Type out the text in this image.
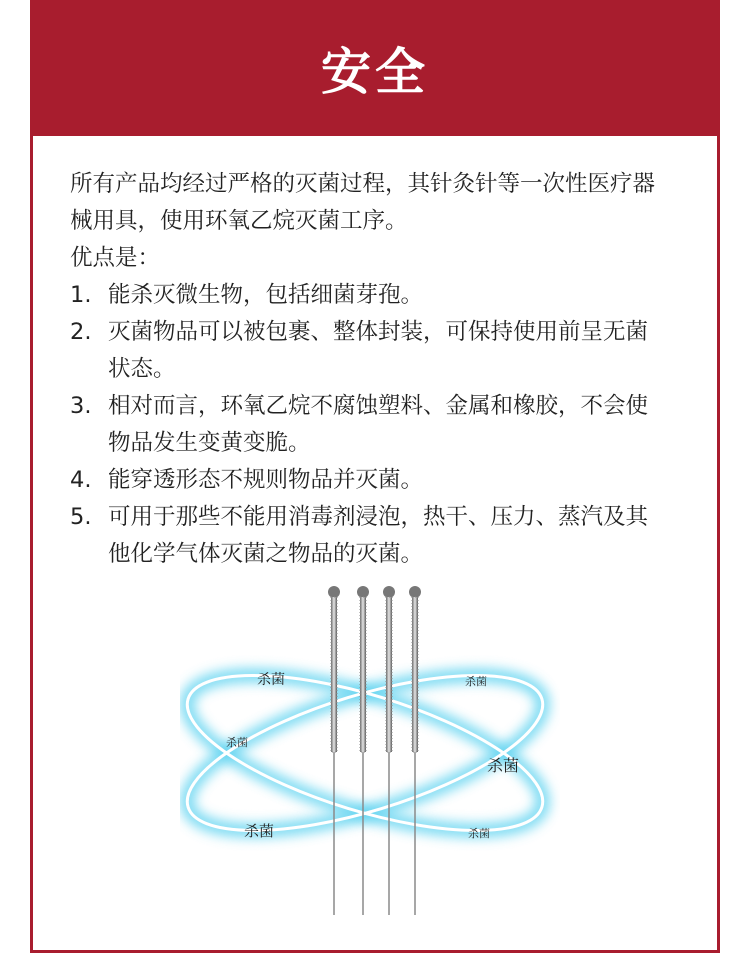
安全

所有产品均经过严格的灭菌过程，其针灸针等一次性医疗器械用具，使用环氧乙烷灭菌工序。

优点是：

1. 能杀灭微生物，包括细菌芽孢。
2. 灭菌物品可以被包裹、整体封装，可保持使用前呈无菌状态。
3. 相对而言，环氧乙烷不腐蚀塑料、金属和橡胶，不会使物品发生变黄变脆。
4. 能穿透形态不规则物品并灭菌。
5. 可用于那些不能用消毒剂浸泡，热干、压力、蒸汽及其他化学气体灭菌之物品的灭菌。
杀菌	杀菌
杀菌
杀菌
杀菌	杀菌
